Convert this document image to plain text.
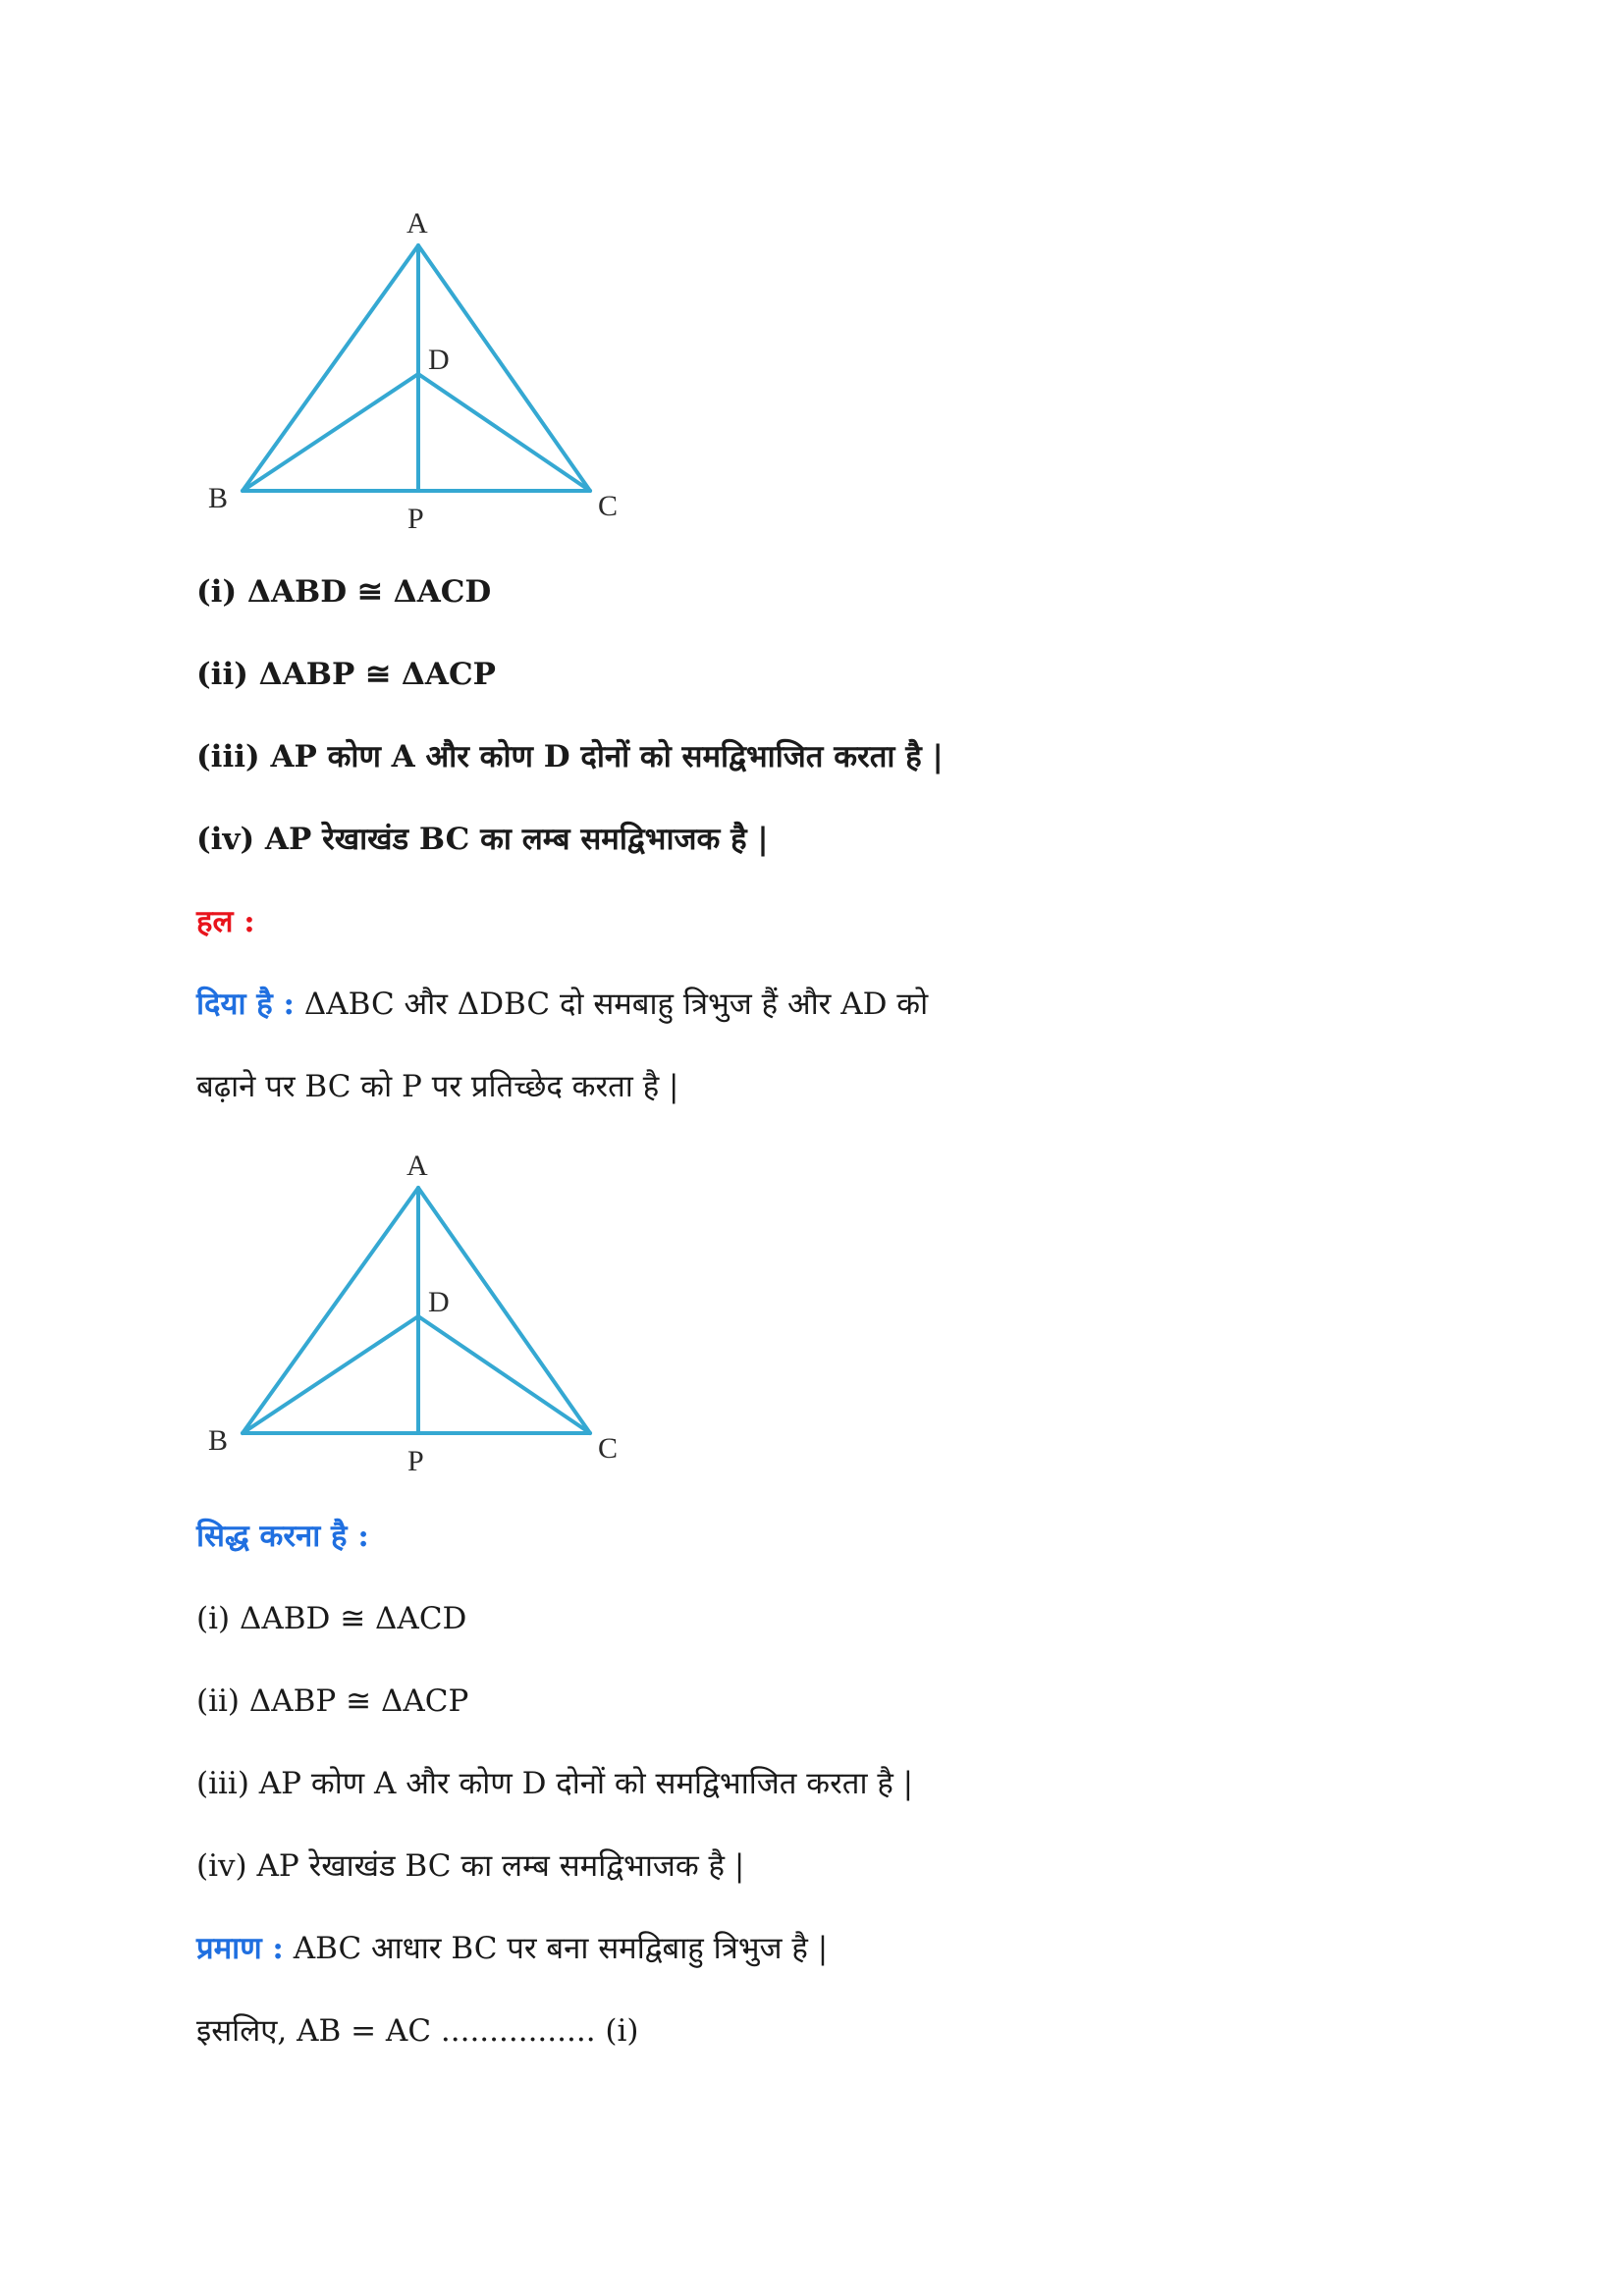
A
D
B
P	C
(i) ΔABD ≅ ΔACD
(ii) ΔABP ≅ ΔACP
(iii) AP कोण A और कोण D दोनों को समद्विभाजित करता है |
(iv) AP रेखाखंड BC का लम्ब समद्विभाजक है |
हल :
दिया है : ΔABC और ΔDBC दो समबाहु त्रिभुज हैं और AD को
बढ़ाने पर BC को P पर प्रतिच्छेद करता है |
A
D
B
P	C
सिद्ध करना है :
(i) ΔABD ≅ ΔACD
(ii) ΔABP ≅ ΔACP
(iii) AP कोण A और कोण D दोनों को समद्विभाजित करता है |
(iv) AP रेखाखंड BC का लम्ब समद्विभाजक है |
प्रमाण : ABC आधार BC पर बना समद्विबाहु त्रिभुज है |
इसलिए, AB = AC ................ (i)
